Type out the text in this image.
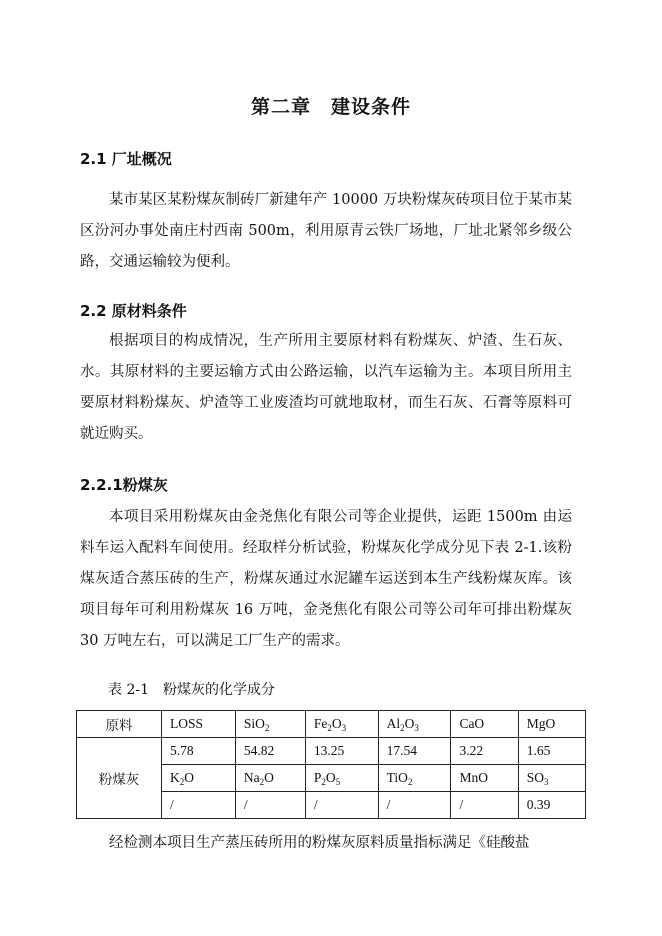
第二章　建设条件
2.1 厂址概况

某市某区某粉煤灰制砖厂新建年产 10000 万块粉煤灰砖项目位于某市某区汾河办事处南庄村西南 500m，利用原青云铁厂场地，厂址北紧邻乡级公路，交通运输较为便利。

2.2 原材料条件

根据项目的构成情况，生产所用主要原材料有粉煤灰、炉渣、生石灰、水。其原材料的主要运输方式由公路运输，以汽车运输为主。本项目所用主要原材料粉煤灰、炉渣等工业废渣均可就地取材，而生石灰、石膏等原料可就近购买。

2.2.1粉煤灰

本项目采用粉煤灰由金尧焦化有限公司等企业提供，运距 1500m 由运料车运入配料车间使用。经取样分析试验，粉煤灰化学成分见下表 2-1.该粉煤灰适合蒸压砖的生产，粉煤灰通过水泥罐车运送到本生产线粉煤灰库。该项目每年可利用粉煤灰 16 万吨，金尧焦化有限公司等公司年可排出粉煤灰 30 万吨左右，可以满足工厂生产的需求。

表 2-1　粉煤灰的化学成分
原料	LOSS	SiO$_2$	$Fe_2O_3$	$Al_2O_3$	CaO	MgO
粉煤灰	5.78	54.82	13.25	17.54	3.22	1.65
	$K_2O$	$Na_2O$	$P_2O_5$	TiO$_2$	MnO	$SO_3$
	/	/	/	/	/	0.39

经检测本项目生产蒸压砖所用的粉煤灰原料质量指标满足《硅酸盐
